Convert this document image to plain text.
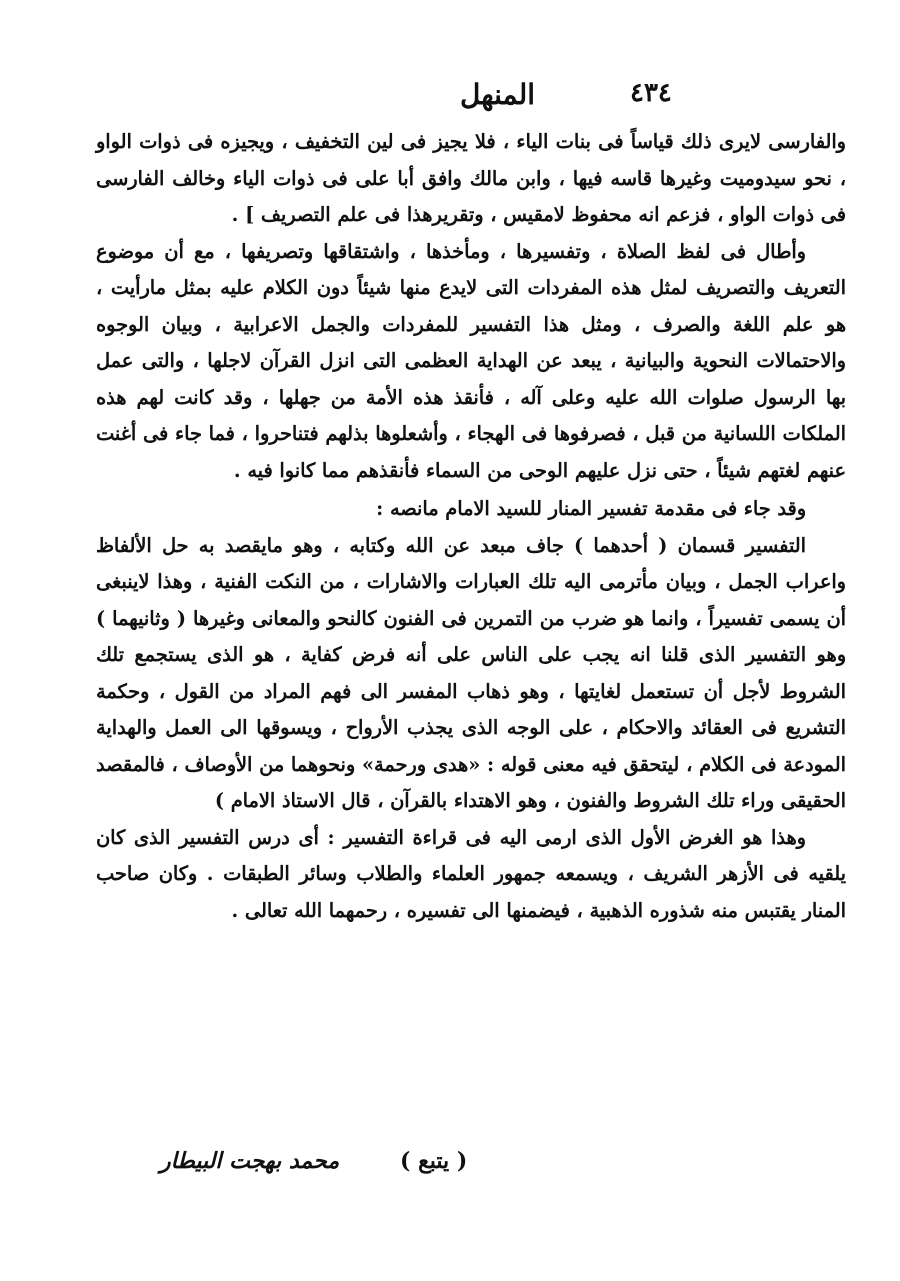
٤٣٤
المنهل

والفارسى لايرى ذلك قياساً فى بنات الياء ، فلا يجيز فى لين التخفيف ، ويجيزه فى ذوات الواو ، نحو سيدوميت وغيرها قاسه فيها ، وابن مالك وافق أبا على فى ذوات الياء وخالف الفارسى فى ذوات الواو ، فزعم انه محفوظ لامقيس ، وتقريرهذا فى علم التصريف ] .

وأطال فى لفظ الصلاة ، وتفسيرها ، ومأخذها ، واشتقاقها وتصريفها ، مع أن موضوع التعريف والتصريف لمثل هذه المفردات التى لايدع منها شيئاً دون الكلام عليه بمثل مارأيت ، هو علم اللغة والصرف ، ومثل هذا التفسير للمفردات والجمل الاعرابية ، وبيان الوجوه والاحتمالات النحوية والبيانية ، يبعد عن الهداية العظمى التى انزل القرآن لاجلها ، والتى عمل بها الرسول صلوات الله عليه وعلى آله ، فأنقذ هذه الأمة من جهلها ، وقد كانت لهم هذه الملكات اللسانية من قبل ، فصرفوها فى الهجاء ، وأشعلوها بذلهم فتناحروا ، فما جاء فى أغنت عنهم لغتهم شيئاً ، حتى نزل عليهم الوحى من السماء فأنقذهم مما كانوا فيه .

وقد جاء فى مقدمة تفسير المنار للسيد الامام مانصه :

التفسير قسمان ( أحدهما ) جاف مبعد عن الله وكتابه ، وهو مايقصد به حل الألفاظ واعراب الجمل ، وبيان مأترمى اليه تلك العبارات والاشارات ، من النكت الفنية ، وهذا لاينبغى أن يسمى تفسيراً ، وانما هو ضرب من التمرين فى الفنون كالنحو والمعانى وغيرها ( وثانيهما ) وهو التفسير الذى قلنا انه يجب على الناس على أنه فرض كفاية ، هو الذى يستجمع تلك الشروط لأجل أن تستعمل لغايتها ، وهو ذهاب المفسر الى فهم المراد من القول ، وحكمة التشريع فى العقائد والاحكام ، على الوجه الذى يجذب الأرواح ، ويسوقها الى العمل والهداية المودعة فى الكلام ، ليتحقق فيه معنى قوله : «هدى ورحمة» ونحوهما من الأوصاف ، فالمقصد الحقيقى وراء تلك الشروط والفنون ، وهو الاهتداء بالقرآن ، قال الاستاذ الامام )

وهذا هو الغرض الأول الذى ارمى اليه فى قراءة التفسير : أى درس التفسير الذى كان يلقيه فى الأزهر الشريف ، ويسمعه جمهور العلماء والطلاب وسائر الطبقات . وكان صاحب المنار يقتبس منه شذوره الذهبية ، فيضمنها الى تفسيره ، رحمهما الله تعالى .

محمد بهجت البيطار	( يتبع )
